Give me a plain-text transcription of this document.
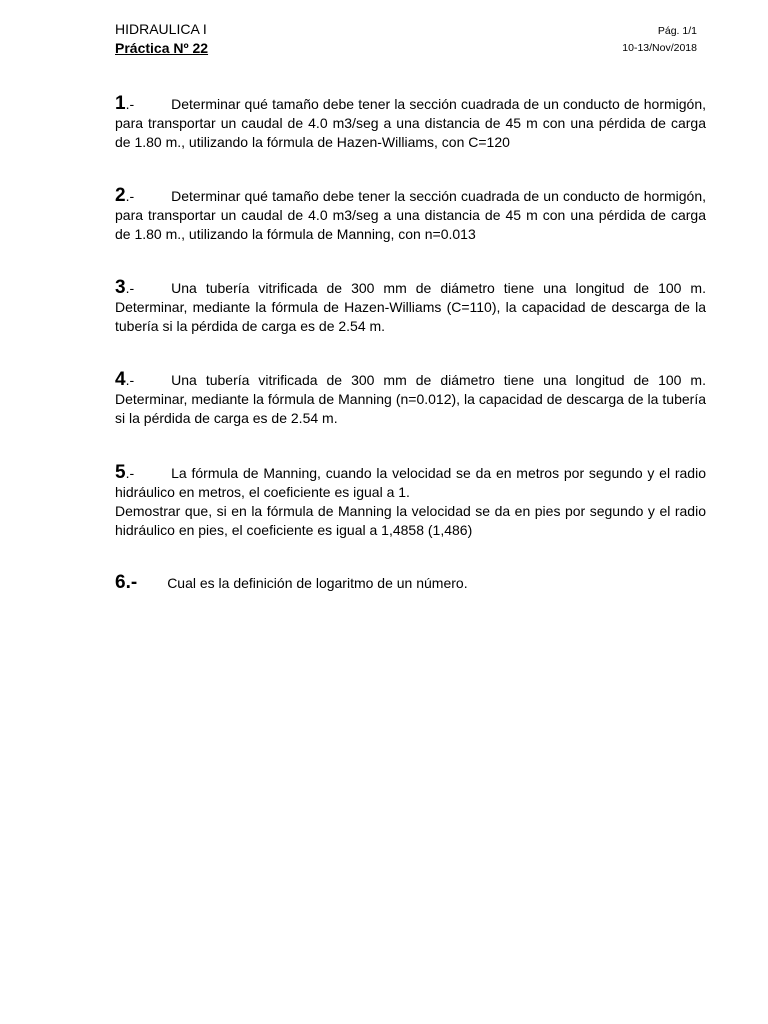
HIDRAULICA I
Práctica Nº 22
Pág. 1/1
10-13/Nov/2018

1.-	Determinar qué tamaño debe tener la sección cuadrada de un conducto de hormigón, para transportar un caudal de 4.0 m3/seg a una distancia de 45 m con una pérdida de carga de 1.80 m., utilizando la fórmula de Hazen-Williams, con C=120

2.-	Determinar qué tamaño debe tener la sección cuadrada de un conducto de hormigón, para transportar un caudal de 4.0 m3/seg a una distancia de 45 m con una pérdida de carga de 1.80 m., utilizando la fórmula de Manning, con n=0.013

3.-	Una tubería vitrificada de 300 mm de diámetro tiene una longitud de 100 m. Determinar, mediante la fórmula de Hazen-Williams (C=110), la capacidad de descarga de la tubería si la pérdida de carga es de 2.54 m.

4.-	Una tubería vitrificada de 300 mm de diámetro tiene una longitud de 100 m. Determinar, mediante la fórmula de Manning (n=0.012), la capacidad de descarga de la tubería si la pérdida de carga es de 2.54 m.

5.-	La fórmula de Manning, cuando la velocidad se da en metros por segundo y el radio hidráulico en metros, el coeficiente es igual a 1.
Demostrar que, si en la fórmula de Manning la velocidad se da en pies por segundo y el radio hidráulico en pies, el coeficiente es igual a 1,4858 (1,486)

6.- Cual es la definición de logaritmo de un número.
